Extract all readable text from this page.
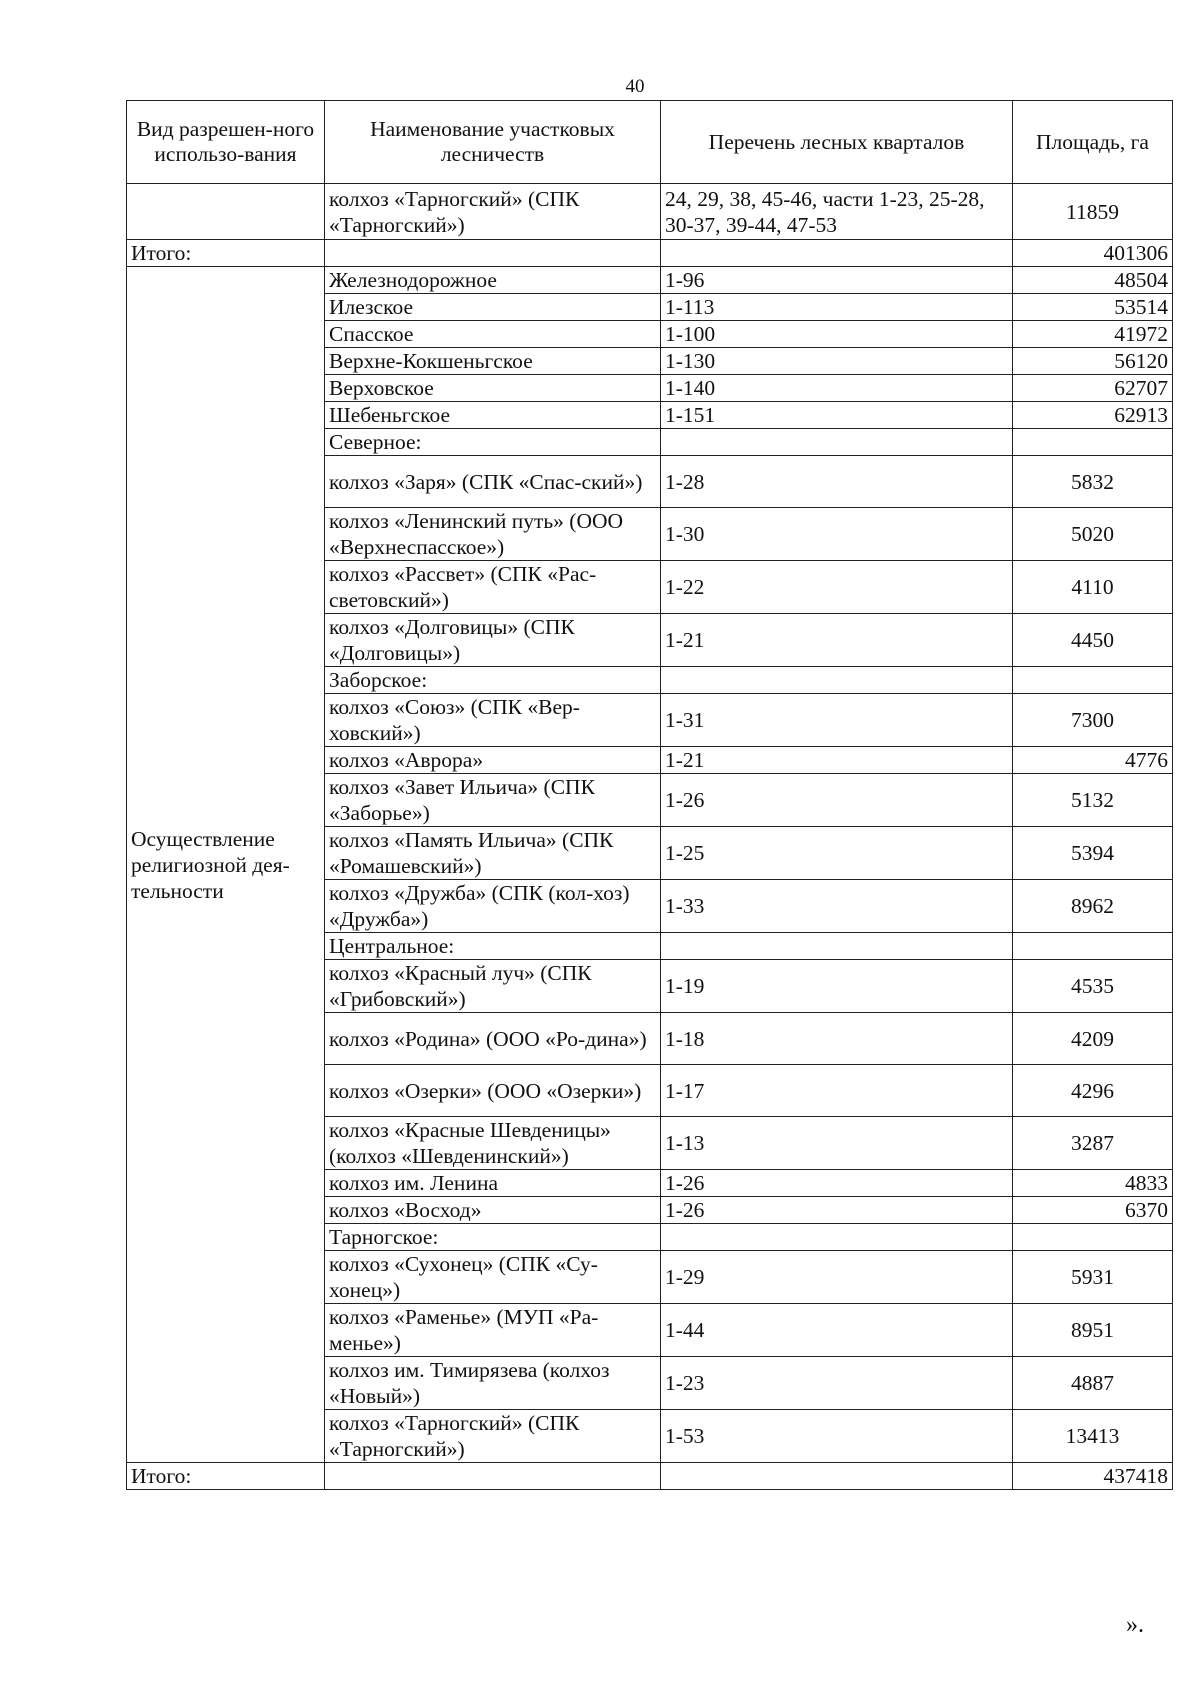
40
Вид разрешен-ного использо-вания	Наименование участковых лесничеств	Перечень лесных кварталов	Площадь, га
	колхоз «Тарногский» (СПК «Тарногский»)	24, 29, 38, 45-46, части 1-23, 25-28, 30-37, 39-44, 47-53	11859
Итого:			401306
Осуществление религиозной дея-тельности	Железнодорожное	1-96	48504
	Илезское	1-113	53514
	Спасское	1-100	41972
	Верхне-Кокшеньгское	1-130	56120
	Верховское	1-140	62707
	Шебеньгское	1-151	62913
	Северное:		
	колхоз «Заря» (СПК «Спас-ский»)	1-28	5832
	колхоз «Ленинский путь» (ООО «Верхнеспасское»)	1-30	5020
	колхоз «Рассвет» (СПК «Рас-световский»)	1-22	4110
	колхоз «Долговицы» (СПК «Долговицы»)	1-21	4450
	Заборское:		
	колхоз «Союз» (СПК «Вер-ховский»)	1-31	7300
	колхоз «Аврора»	1-21	4776
	колхоз «Завет Ильича» (СПК «Заборье»)	1-26	5132
	колхоз «Память Ильича» (СПК «Ромашевский»)	1-25	5394
	колхоз «Дружба» (СПК (кол-хоз) «Дружба»)	1-33	8962
	Центральное:		
	колхоз «Красный луч» (СПК «Грибовский»)	1-19	4535
	колхоз «Родина» (ООО «Ро-дина»)	1-18	4209
	колхоз «Озерки» (ООО «Озерки»)	1-17	4296
	колхоз «Красные Шевденицы» (колхоз «Шевденинский»)	1-13	3287
	колхоз им. Ленина	1-26	4833
	колхоз «Восход»	1-26	6370
	Тарногское:		
	колхоз «Сухонец» (СПК «Су-хонец»)	1-29	5931
	колхоз «Раменье» (МУП «Ра-менье»)	1-44	8951
	колхоз им. Тимирязева (колхоз «Новый»)	1-23	4887
	колхоз «Тарногский» (СПК «Тарногский»)	1-53	13413
Итого:			437418
».
